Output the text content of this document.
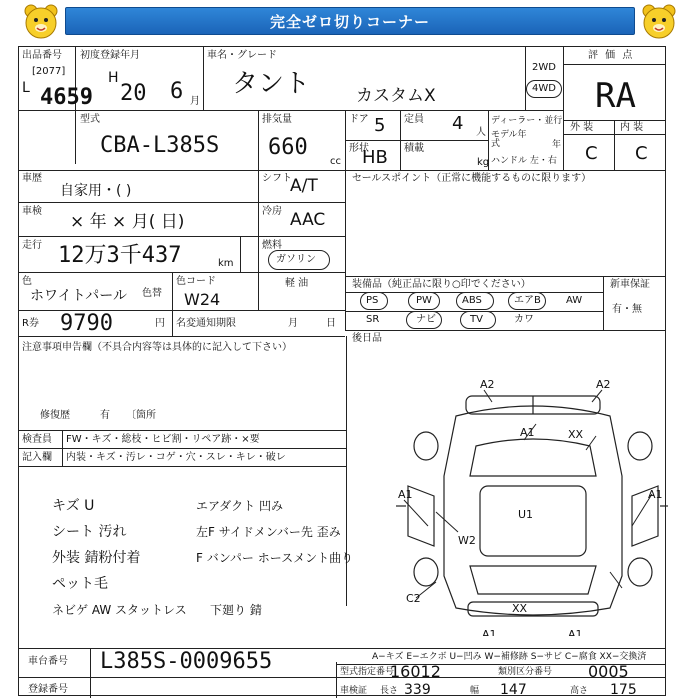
完全ゼロ切りコーナー
出品番号
[2077]
L 4659
初度登録年月
H
20 6 月
車名・グレード
タント	カスタムX
2WD
4WD
評 価 点
RA
外 装	内 装
C C
型式
CBA-L385S
排気量
660
cc
ドア 5 定員 4 人
形状
HB 積載
kg
ディーラー・並行
モデル年式	年
ハンドル 左・右
車歴
自家用・( )
シフト
A/T
車検
× 年 × 月( 日)
冷房 AAC
走行 12万3千437	km
燃料
ガソリン
軽 油
色
ホワイトパール 色替
色コード
W24
R券 9790	円 名変通知期限	月	日
セールスポイント（正常に機能するものに限ります）
装備品（純正品に限り○印でください）	新車保証
有・無
PS	PW	ABS	エアB	AW
SR	ナビ	TV	カワ
後日品
注意事項申告欄（不具合内容等は具体的に記入して下さい）
修復歴	有 〔箇所
検査員 FW・キズ・総枝・ヒビ割・リペア跡・×要
記入欄 内装・キズ・汚レ・コゲ・穴・スレ・キレ・破レ
キズ U
シート 汚れ
外装 錆粉付着
ペット毛
ネビゲ AW スタットレス
エアダクト 凹み
左F サイドメンバー先 歪み
F バンパー ホースメント曲り
下廻り 錆
A2	A2
A1	XX
A1	A1
U1
W2
C2
XX
A1	A1
車台番号 L385S-0009655
登録番号
A−キズ E−エクボ U−凹み W−補修跡 S−サビ C−腐食 XX−交換済
型式指定番号
16012	類別区分番号 0005
車検証 長さ 339	幅 147	高さ 175
